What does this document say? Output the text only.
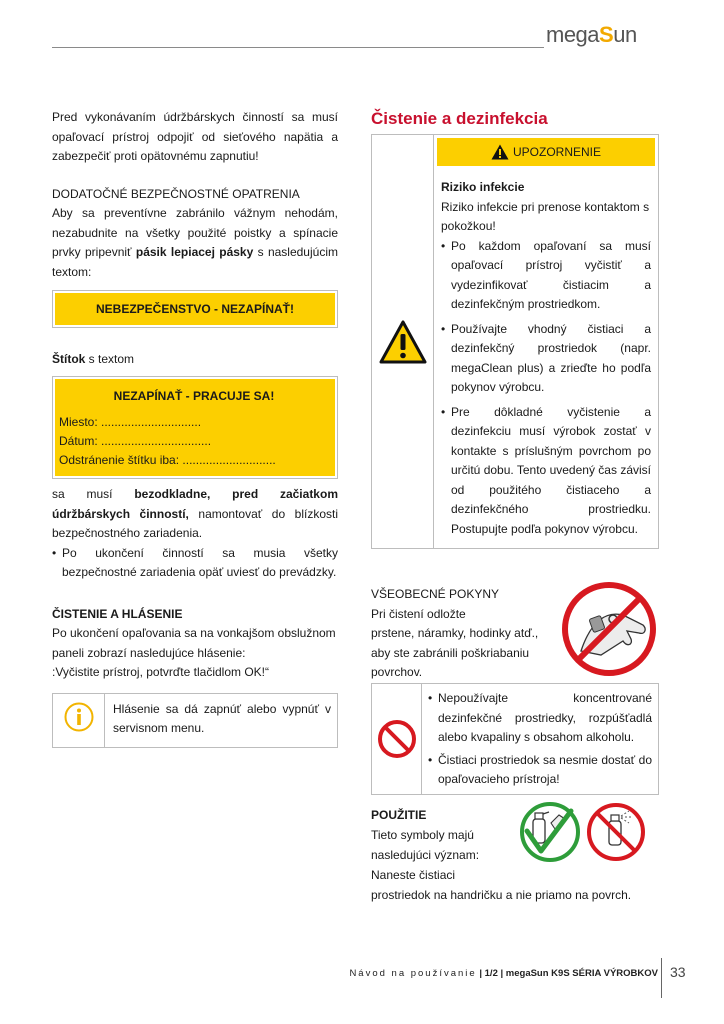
megaSun

Pred vykonávaním údržbárskych činností sa musí opaľovací prístroj odpojiť od sieťového napätia a zabezpečiť proti opätovnému zapnutiu!

DODATOČNÉ BEZPEČNOSTNÉ OPATRENIA

Aby sa preventívne zabránilo vážnym nehodám, nezabudnite na všetky použité poistky a spínacie prvky pripevniť pásik lepiacej pásky s nasledujúcim textom:

NEBEZPEČENSTVO - NEZAPÍNAŤ!
Štítok s textom
NEZAPÍNAŤ - PRACUJE SA!
Miesto: ..............................
Dátum: .................................
Odstránenie štítku iba: ............................

sa musí bezodkladne, pred začiatkom údržbárskych činností, namontovať do blízkosti bezpečnostného zariadenia.

• Po ukončení činností sa musia všetky bezpečnostné zariadenia opäť uviesť do prevádzky.
ČISTENIE A HLÁSENIE

Po ukončení opaľovania sa na vonkajšom obslužnom paneli zobrazí nasledujúce hlásenie:

:Vyčistite prístroj, potvrďte tlačidlom OK!“
Hlásenie sa dá zapnúť alebo vypnúť v servisnom menu.
Čistenie a dezinfekcia
UPOZORNENIE
Riziko infekcie
Riziko infekcie pri prenose kontaktom s pokožkou!
• Po každom opaľovaní sa musí opaľovací prístroj vyčistiť a vydezinfikovať čistiacim a dezinfekčným prostriedkom.
• Používajte vhodný čistiaci a dezinfekčný prostriedok (napr. megaClean plus) a zrieďte ho podľa pokynov výrobcu.
• Pre dôkladné vyčistenie a dezinfekciu musí výrobok zostať v kontakte s príslušným povrchom po určitú dobu. Tento uvedený čas závisí od použitého čistiaceho a dezinfekčného prostriedku. Postupujte podľa pokynov výrobcu.
VŠEOBECNÉ POKYNY
Pri čistení odložte
prstene, náramky, hodinky atď.,
aby ste zabránili poškriabaniu
povrchov.
• Nepoužívajte koncentrované dezinfekčné prostriedky, rozpúšťadlá alebo kvapaliny s obsahom alkoholu.
• Čistiaci prostriedok sa nesmie dostať do opaľovacieho prístroja!
POUŽITIE
Tieto symboly majú
nasledujúci význam:
Naneste čistiaci
prostriedok na handričku a nie priamo na povrch.
Návod na používanie | 1/2 | megaSun K9S SÉRIA VÝROBKOV 33
